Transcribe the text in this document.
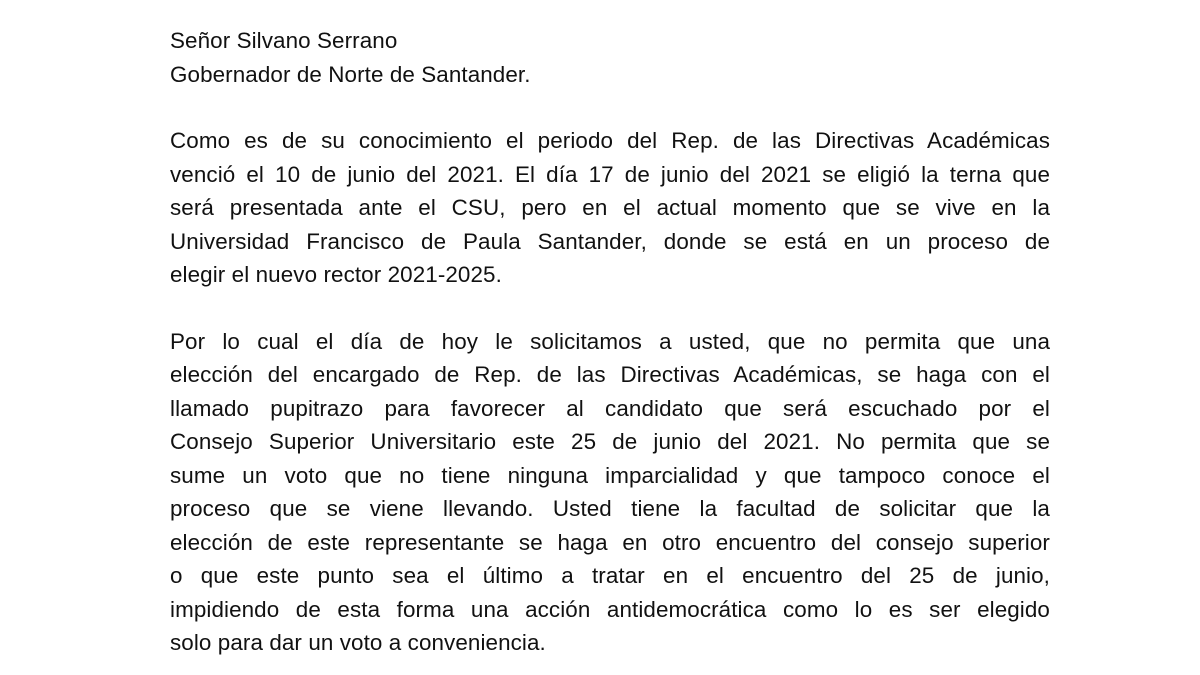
Señor Silvano Serrano
Gobernador de Norte de Santander.
Como es de su conocimiento el periodo del Rep. de las Directivas Académicas
venció el 10 de junio del 2021. El día 17 de junio del 2021 se eligió la terna que
será presentada ante el CSU, pero en el actual momento que se vive en la
Universidad Francisco de Paula Santander, donde se está en un proceso de
elegir el nuevo rector 2021-2025.
Por lo cual el día de hoy le solicitamos a usted, que no permita que una
elección del encargado de Rep. de las Directivas Académicas, se haga con el
llamado pupitrazo para favorecer al candidato que será escuchado por el
Consejo Superior Universitario este 25 de junio del 2021. No permita que se
sume un voto que no tiene ninguna imparcialidad y que tampoco conoce el
proceso que se viene llevando. Usted tiene la facultad de solicitar que la
elección de este representante se haga en otro encuentro del consejo superior
o que este punto sea el último a tratar en el encuentro del 25 de junio,
impidiendo de esta forma una acción antidemocrática como lo es ser elegido
solo para dar un voto a conveniencia.
